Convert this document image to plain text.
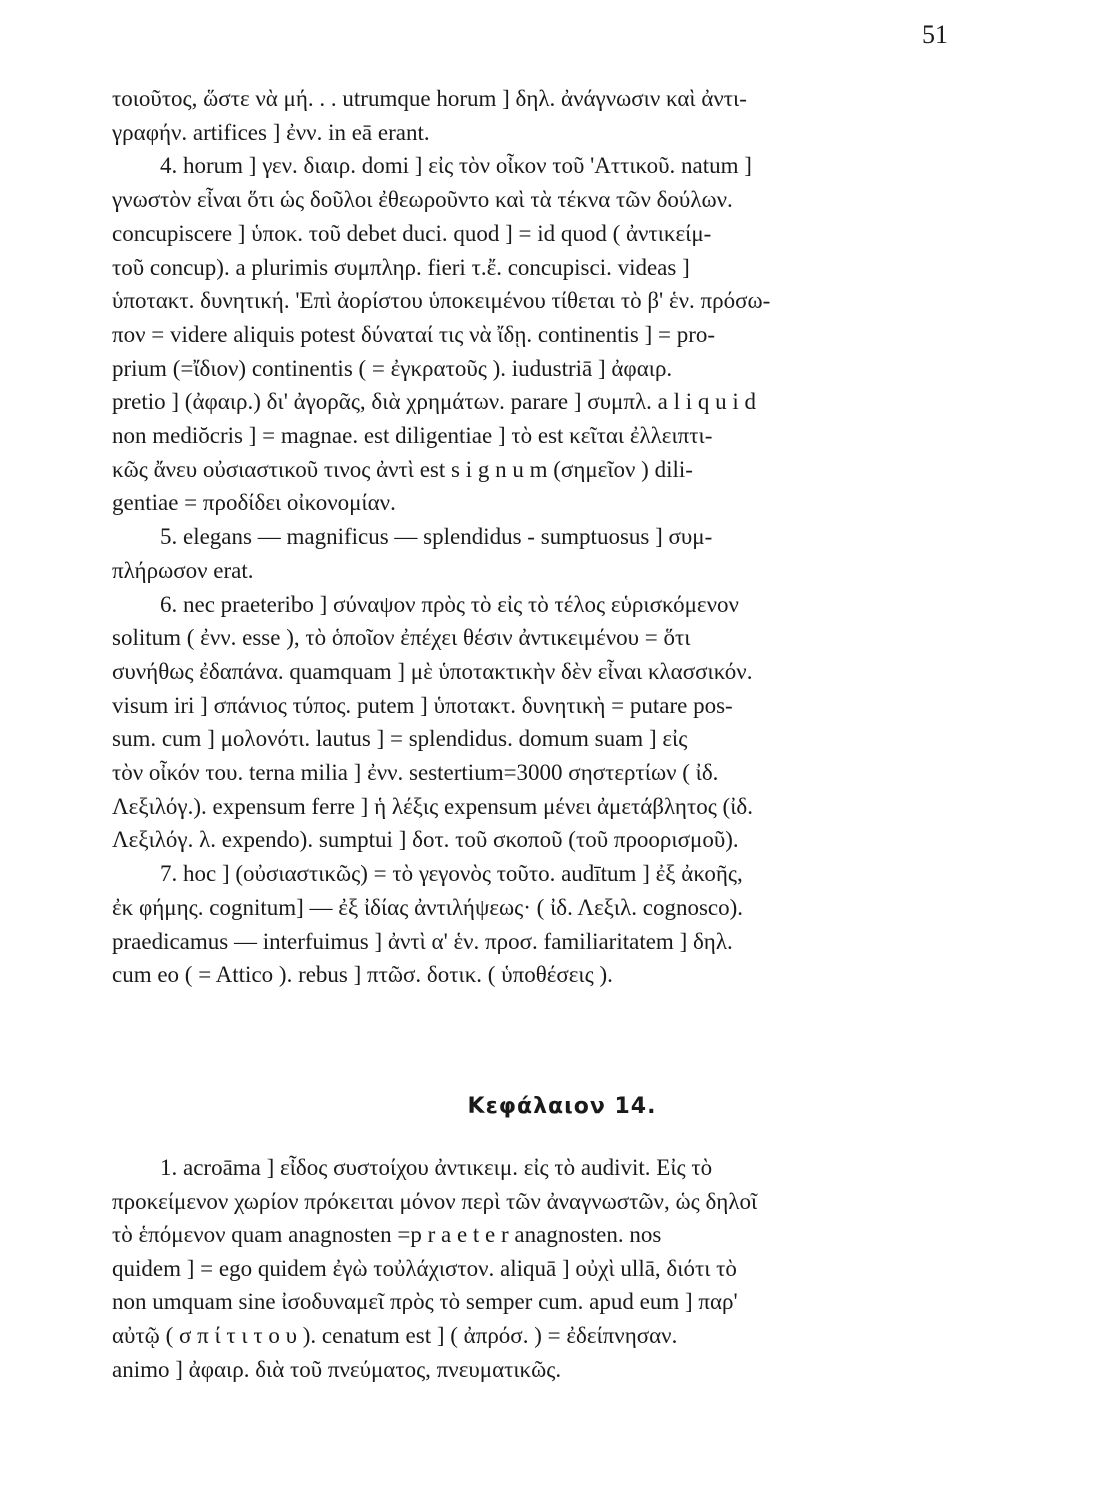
51
τοιοῦτος, ὥστε νὰ μή. . . utrumque horum ] δηλ. ἀνάγνωσιν καὶ ἀντι-
γραφήν. artifices ] ἐνν. in eā erant.
4. horum ] γεν. διαιρ. domi ] εἰς τὸν οἶκον τοῦ 'Αττικοῦ. natum ]
γνωστὸν εἶναι ὅτι ὡς δοῦλοι ἐθεωροῦντο καὶ τὰ τέκνα τῶν δούλων.
concupiscere ] ὑποκ. τοῦ debet duci. quod ] = id quod ( ἀντικείμ-
τοῦ concup). a plurimis συμπληρ. fieri τ.ἔ. concupisci. videas ]
ὑποτακτ. δυνητική. 'Επὶ ἀορίστου ὑποκειμένου τίθεται τὸ β' ἑν. πρόσω-
πον = videre aliquis potest δύναταί τις νὰ ἴδῃ. continentis ] = pro-
prium (=ἴδιον) continentis ( = ἐγκρατοῦς ). iudustriā ] ἀφαιρ.
pretio ] (ἀφαιρ.) δι' ἀγορᾶς, διὰ χρημάτων. parare ] συμπλ. a l i q u i d
non mediŏcris ] = magnae. est diligentiae ] τὸ est κεῖται ἐλλειπτι-
κῶς ἄνευ οὐσιαστικοῦ τινος ἀντὶ est s i g n u m (σημεῖον ) dili-
gentiae = προδίδει οἰκονομίαν.
5. elegans — magnificus — splendidus - sumptuosus ] συμ-
πλήρωσον erat.
6. nec praeteribo ] σύναψον πρὸς τὸ εἰς τὸ τέλος εὑρισκόμενον
solitum ( ἐνν. esse ), τὸ ὁποῖον ἐπέχει θέσιν ἀντικειμένου = ὅτι
συνήθως ἐδαπάνα. quamquam ] μὲ ὑποτακτικὴν δὲν εἶναι κλασσικόν.
visum iri ] σπάνιος τύπος. putem ] ὑποτακτ. δυνητικὴ = putare pos-
sum. cum ] μολονότι. lautus ] = splendidus. domum suam ] εἰς
τὸν οἶκόν του. terna milia ] ἐνν. sestertium=3000 σηστερτίων ( ἰδ.
Λεξιλόγ.). expensum ferre ] ἡ λέξις expensum μένει ἀμετάβλητος (ἰδ.
Λεξιλόγ. λ. expendo). sumptui ] δοτ. τοῦ σκοποῦ (τοῦ προορισμοῦ).
7. hoc ] (οὐσιαστικῶς) = τὸ γεγονὸς τοῦτο. audītum ] ἐξ ἀκοῆς,
ἐκ φήμης. cognitum] — ἐξ ἰδίας ἀντιλήψεως· ( ἰδ. Λεξιλ. cognosco).
praedicamus — interfuimus ] ἀντὶ α' ἑν. προσ. familiaritatem ] δηλ.
cum eo ( = Attico ). rebus ] πτῶσ. δοτικ. ( ὑποθέσεις ).
Κεφάλαιον 14.
1. acroāma ] εἶδος συστοίχου ἀντικειμ. εἰς τὸ audivit. Εἰς τὸ
προκείμενον χωρίον πρόκειται μόνον περὶ τῶν ἀναγνωστῶν, ὡς δηλοῖ
τὸ ἑπόμενον quam anagnosten =p r a e t e r anagnosten. nos
quidem ] = ego quidem ἐγὼ τοὐλάχιστον. aliquā ] οὐχὶ ullā, διότι τὸ
non umquam sine ἰσοδυναμεῖ πρὸς τὸ semper cum. apud eum ] παρ'
αὐτῷ ( σ π ί τ ι τ ο υ ). cenatum est ] ( ἀπρόσ. ) = ἐδείπνησαν.
animo ] ἀφαιρ. διὰ τοῦ πνεύματος, πνευματικῶς.
